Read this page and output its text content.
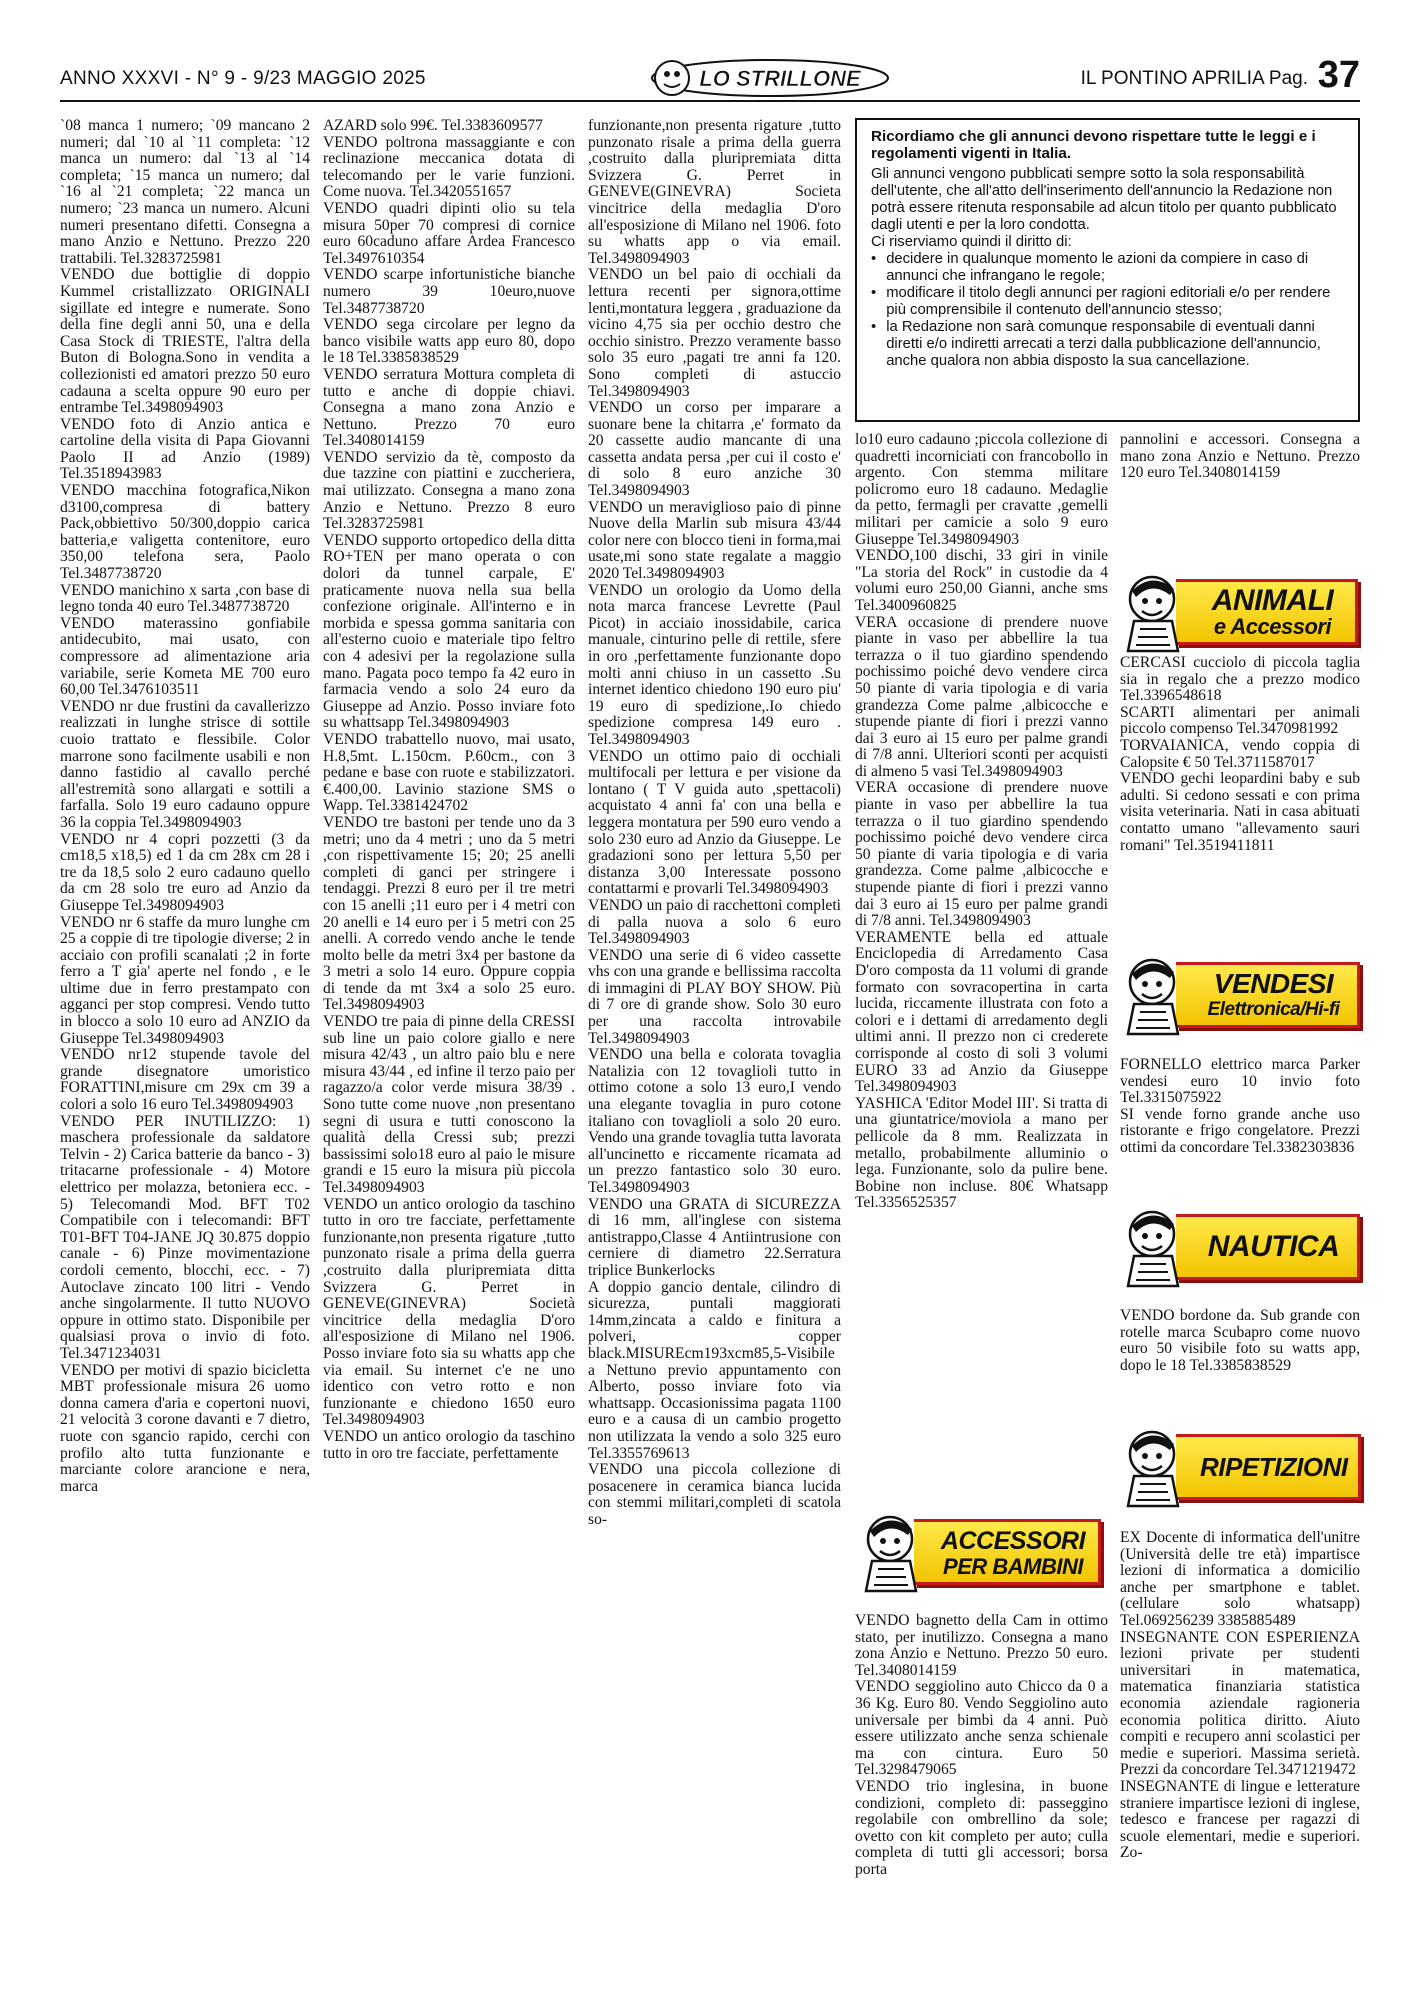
ANNO XXXVI - N° 9 - 9/23 MAGGIO 2025	LO STRILLONE	IL PONTINO APRILIA Pag. 37

`08 manca 1 numero; `09 mancano 2 numeri; dal `10 al `11 completa: `12 manca un numero: dal `13 al `14 completa; `15 manca un numero; dal `16 al `21 completa; `22 manca un numero; `23 manca un numero. Alcuni numeri presentano difetti. Consegna a mano Anzio e Nettuno. Prezzo 220 trattabili. Tel.3283725981

VENDO due bottiglie di doppio Kummel cristallizzato ORIGINALI sigillate ed integre e numerate. Sono della fine degli anni 50, una e della Casa Stock di TRIESTE, l'altra della Buton di Bologna.Sono in vendita a collezionisti ed amatori prezzo 50 euro cadauna a scelta oppure 90 euro per entrambe Tel.3498094903

VENDO foto di Anzio antica e cartoline della visita di Papa Giovanni Paolo II ad Anzio (1989) Tel.3518943983

VENDO macchina fotografica,Nikon d3100,compresa di battery Pack,obbiettivo 50/300,doppio carica batteria,e valigetta contenitore, euro 350,00 telefona sera, Paolo Tel.3487738720

VENDO manichino x sarta ,con base di legno tonda 40 euro Tel.3487738720

VENDO materassino gonfiabile antidecubito, mai usato, con compressore ad alimentazione aria variabile, serie Kometa ME 700 euro 60,00 Tel.3476103511

VENDO nr due frustini da cavallerizzo realizzati in lunghe strisce di sottile cuoio trattato e flessibile. Color marrone sono facilmente usabili e non danno fastidio al cavallo perché all'estremità sono allargati e sottili a farfalla. Solo 19 euro cadauno oppure 36 la coppia Tel.3498094903

VENDO nr 4 copri pozzetti (3 da cm18,5 x18,5) ed 1 da cm 28x cm 28 i tre da 18,5 solo 2 euro cadauno quello da cm 28 solo tre euro ad Anzio da Giuseppe Tel.3498094903

VENDO nr 6 staffe da muro lunghe cm 25 a coppie di tre tipologie diverse; 2 in acciaio con profili scanalati ;2 in forte ferro a T gia' aperte nel fondo , e le ultime due in ferro prestampato con agganci per stop compresi. Vendo tutto in blocco a solo 10 euro ad ANZIO da Giuseppe Tel.3498094903

VENDO nr12 stupende tavole del grande disegnatore umoristico FORATTINI,misure cm 29x cm 39 a colori a solo 16 euro Tel.3498094903

VENDO PER INUTILIZZO: 1) maschera professionale da saldatore Telvin - 2) Carica batterie da banco - 3) tritacarne professionale - 4) Motore elettrico per molazza, betoniera ecc. - 5) Telecomandi Mod. BFT T02 Compatibile con i telecomandi: BFT T01-BFT T04-JANE JQ 30.875 doppio canale - 6) Pinze movimentazione cordoli cemento, blocchi, ecc. - 7) Autoclave zincato 100 litri - Vendo anche singolarmente. Il tutto NUOVO oppure in ottimo stato. Disponibile per qualsiasi prova o invio di foto. Tel.3471234031

VENDO per motivi di spazio bicicletta MBT professionale misura 26 uomo donna camera d'aria e copertoni nuovi, 21 velocità 3 corone davanti e 7 dietro, ruote con sgancio rapido, cerchi con profilo alto tutta funzionante e marciante colore arancione e nera, marca

AZARD solo 99€. Tel.3383609577

VENDO poltrona massaggiante e con reclinazione meccanica dotata di telecomando per le varie funzioni. Come nuova. Tel.3420551657

VENDO quadri dipinti olio su tela misura 50per 70 compresi di cornice euro 60caduno affare Ardea Francesco Tel.3497610354

VENDO scarpe infortunistiche bianche numero 39 10euro,nuove Tel.3487738720

VENDO sega circolare per legno da banco visibile watts app euro 80, dopo le 18 Tel.3385838529

VENDO serratura Mottura completa di tutto e anche di doppie chiavi. Consegna a mano zona Anzio e Nettuno. Prezzo 70 euro Tel.3408014159

VENDO servizio da tè, composto da due tazzine con piattini e zuccheriera, mai utilizzato. Consegna a mano zona Anzio e Nettuno. Prezzo 8 euro Tel.3283725981

VENDO supporto ortopedico della ditta RO+TEN per mano operata o con dolori da tunnel carpale, E' praticamente nuova nella sua bella confezione originale. All'interno e in morbida e spessa gomma sanitaria con all'esterno cuoio e materiale tipo feltro con 4 adesivi per la regolazione sulla mano. Pagata poco tempo fa 42 euro in farmacia vendo a solo 24 euro da Giuseppe ad Anzio. Posso inviare foto su whattsapp Tel.3498094903

VENDO trabattello nuovo, mai usato, H.8,5mt. L.150cm. P.60cm., con 3 pedane e base con ruote e stabilizzatori. €.400,00. Lavinio stazione SMS o Wapp. Tel.3381424702

VENDO tre bastoni per tende uno da 3 metri; uno da 4 metri ; uno da 5 metri ,con rispettivamente 15; 20; 25 anelli completi di ganci per stringere i tendaggi. Prezzi 8 euro per il tre metri con 15 anelli ;11 euro per i 4 metri con 20 anelli e 14 euro per i 5 metri con 25 anelli. A corredo vendo anche le tende molto belle da metri 3x4 per bastone da 3 metri a solo 14 euro. Oppure coppia di tende da mt 3x4 a solo 25 euro. Tel.3498094903

VENDO tre paia di pinne della CRESSI sub line un paio colore giallo e nere misura 42/43 , un altro paio blu e nere misura 43/44 , ed infine il terzo paio per ragazzo/a color verde misura 38/39 . Sono tutte come nuove ,non presentano segni di usura e tutti conoscono la qualità della Cressi sub; prezzi bassissimi solo18 euro al paio le misure grandi e 15 euro la misura più piccola Tel.3498094903

VENDO un antico orologio da taschino tutto in oro tre facciate, perfettamente funzionante,non presenta rigature ,tutto punzonato risale a prima della guerra ,costruito dalla pluripremiata ditta Svizzera G. Perret in GENEVE(GINEVRA) Società vincitrice della medaglia D'oro all'esposizione di Milano nel 1906. Posso inviare foto sia su whatts app che via email. Su internet c'e ne uno identico con vetro rotto e non funzionante e chiedono 1650 euro Tel.3498094903

VENDO un antico orologio da taschino tutto in oro tre facciate, perfettamente

funzionante,non presenta rigature ,tutto punzonato risale a prima della guerra ,costruito dalla pluripremiata ditta Svizzera G. Perret in GENEVE(GINEVRA) Societa vincitrice della medaglia D'oro all'esposizione di Milano nel 1906. foto su whatts app o via email. Tel.3498094903

VENDO un bel paio di occhiali da lettura recenti per signora,ottime lenti,montatura leggera , graduazione da vicino 4,75 sia per occhio destro che occhio sinistro. Prezzo veramente basso solo 35 euro ,pagati tre anni fa 120. Sono completi di astuccio Tel.3498094903

VENDO un corso per imparare a suonare bene la chitarra ,e' formato da 20 cassette audio mancante di una cassetta andata persa ,per cui il costo e' di solo 8 euro anziche 30 Tel.3498094903

VENDO un meraviglioso paio di pinne Nuove della Marlin sub misura 43/44 color nere con blocco tieni in forma,mai usate,mi sono state regalate a maggio 2020 Tel.3498094903

VENDO un orologio da Uomo della nota marca francese Levrette (Paul Picot) in acciaio inossidabile, carica manuale, cinturino pelle di rettile, sfere in oro ,perfettamente funzionante dopo molti anni chiuso in un cassetto .Su internet identico chiedono 190 euro piu' 19 euro di spedizione,.Io chiedo spedizione compresa 149 euro . Tel.3498094903

VENDO un ottimo paio di occhiali multifocali per lettura e per visione da lontano ( T V guida auto ,spettacoli) acquistato 4 anni fa' con una bella e leggera montatura per 590 euro vendo a solo 230 euro ad Anzio da Giuseppe. Le gradazioni sono per lettura 5,50 per distanza 3,00 Interessate possono contattarmi e provarli Tel.3498094903

VENDO un paio di racchettoni completi di palla nuova a solo 6 euro Tel.3498094903

VENDO una serie di 6 video cassette vhs con una grande e bellissima raccolta di immagini di PLAY BOY SHOW. Più di 7 ore di grande show. Solo 30 euro per una raccolta introvabile Tel.3498094903

VENDO una bella e colorata tovaglia Natalizia con 12 tovaglioli tutto in ottimo cotone a solo 13 euro,I vendo una elegante tovaglia in puro cotone italiano con tovaglioli a solo 20 euro. Vendo una grande tovaglia tutta lavorata all'uncinetto e riccamente ricamata ad un prezzo fantastico solo 30 euro. Tel.3498094903

VENDO una GRATA di SICUREZZA di 16 mm, all'inglese con sistema antistrappo,Classe 4 Antiintrusione con cerniere di diametro 22.Serratura triplice Bunkerlocks

A doppio gancio dentale, cilindro di sicurezza, puntali maggiorati 14mm,zincata a caldo e finitura a polveri, copper black.MISUREcm193xcm85,5-Visibile a Nettuno previo appuntamento con Alberto, posso inviare foto via whattsapp. Occasionissima pagata 1100 euro e a causa di un cambio progetto non utilizzata la vendo a solo 325 euro Tel.3355769613

VENDO una piccola collezione di posacenere in ceramica bianca lucida con stemmi militari,completi di scatola so-

Ricordiamo che gli annunci devono rispettare tutte le leggi e i regolamenti vigenti in Italia.

Gli annunci vengono pubblicati sempre sotto la sola responsabilità dell'utente, che all'atto dell'inserimento dell'annuncio la Redazione non potrà essere ritenuta responsabile ad alcun titolo per quanto pubblicato dagli utenti e per la loro condotta.

Ci riserviamo quindi il diritto di:

• decidere in qualunque momento le azioni da compiere in caso di annunci che infrangano le regole;
• modificare il titolo degli annunci per ragioni editoriali e/o per rendere più comprensibile il contenuto dell'annuncio stesso;
• la Redazione non sarà comunque responsabile di eventuali danni diretti e/o indiretti arrecati a terzi dalla pubblicazione dell'annuncio, anche qualora non abbia disposto la sua cancellazione.

lo10 euro cadauno ;piccola collezione di quadretti incorniciati con francobollo in argento. Con stemma militare policromo euro 18 cadauno. Medaglie da petto, fermagli per cravatte ,gemelli militari per camicie a solo 9 euro Giuseppe Tel.3498094903

VENDO,100 dischi, 33 giri in vinile "La storia del Rock" in custodie da 4 volumi euro 250,00 Gianni, anche sms Tel.3400960825

VERA occasione di prendere nuove piante in vaso per abbellire la tua terrazza o il tuo giardino spendendo pochissimo poiché devo vendere circa 50 piante di varia tipologia e di varia grandezza Come palme ,albicocche e stupende piante di fiori i prezzi vanno dai 3 euro ai 15 euro per palme grandi di 7/8 anni. Ulteriori sconti per acquisti di almeno 5 vasi Tel.3498094903

VERA occasione di prendere nuove piante in vaso per abbellire la tua terrazza o il tuo giardino spendendo pochissimo poiché devo vendere circa 50 piante di varia tipologia e di varia grandezza. Come palme ,albicocche e stupende piante di fiori i prezzi vanno dai 3 euro ai 15 euro per palme grandi di 7/8 anni. Tel.3498094903

VERAMENTE bella ed attuale Enciclopedia di Arredamento Casa D'oro composta da 11 volumi di grande formato con sovracopertina in carta lucida, riccamente illustrata con foto a colori e i dettami di arredamento degli ultimi anni. Il prezzo non ci crederete corrisponde al costo di soli 3 volumi EURO 33 ad Anzio da Giuseppe Tel.3498094903

YASHICA 'Editor Model III'. Si tratta di una giuntatrice/moviola a mano per pellicole da 8 mm. Realizzata in metallo, probabilmente alluminio o lega. Funzionante, solo da pulire bene. Bobine non incluse. 80€ Whatsapp Tel.3356525357

ACCESSORI
PER BAMBINI

VENDO bagnetto della Cam in ottimo stato, per inutilizzo. Consegna a mano zona Anzio e Nettuno. Prezzo 50 euro. Tel.3408014159

VENDO seggiolino auto Chicco da 0 a 36 Kg. Euro 80. Vendo Seggiolino auto universale per bimbi da 4 anni. Può essere utilizzato anche senza schienale ma con cintura. Euro 50 Tel.3298479065

VENDO trio inglesina, in buone condizioni, completo di: passeggino regolabile con ombrellino da sole; ovetto con kit completo per auto; culla completa di tutti gli accessori; borsa porta

pannolini e accessori. Consegna a mano zona Anzio e Nettuno. Prezzo 120 euro Tel.3408014159

ANIMALI
e Accessori

CERCASI cucciolo di piccola taglia sia in regalo che a prezzo modico Tel.3396548618

SCARTI alimentari per animali piccolo compenso Tel.3470981992

TORVAIANICA, vendo coppia di Calopsite € 50 Tel.3711587017

VENDO gechi leopardini baby e sub adulti. Si cedono sessati e con prima visita veterinaria. Nati in casa abituati contatto umano "allevamento sauri romani" Tel.3519411811

VENDESI
Elettronica/Hi-fi

FORNELLO elettrico marca Parker vendesi euro 10 invio foto Tel.3315075922

SI vende forno grande anche uso ristorante e frigo congelatore. Prezzi ottimi da concordare Tel.3382303836

NAUTICA

VENDO bordone da. Sub grande con rotelle marca Scubapro come nuovo euro 50 visibile foto su watts app, dopo le 18 Tel.3385838529

RIPETIZIONI

EX Docente di informatica dell'unitre (Università delle tre età) impartisce lezioni di informatica a domicilio anche per smartphone e tablet. (cellulare solo whatsapp) Tel.069256239 3385885489

INSEGNANTE CON ESPERIENZA lezioni private per studenti universitari in matematica, matematica finanziaria statistica economia aziendale ragioneria economia politica diritto. Aiuto compiti e recupero anni scolastici per medie e superiori. Massima serietà. Prezzi da concordare Tel.3471219472

INSEGNANTE di lingue e letterature straniere impartisce lezioni di inglese, tedesco e francese per ragazzi di scuole elementari, medie e superiori. Zo-
